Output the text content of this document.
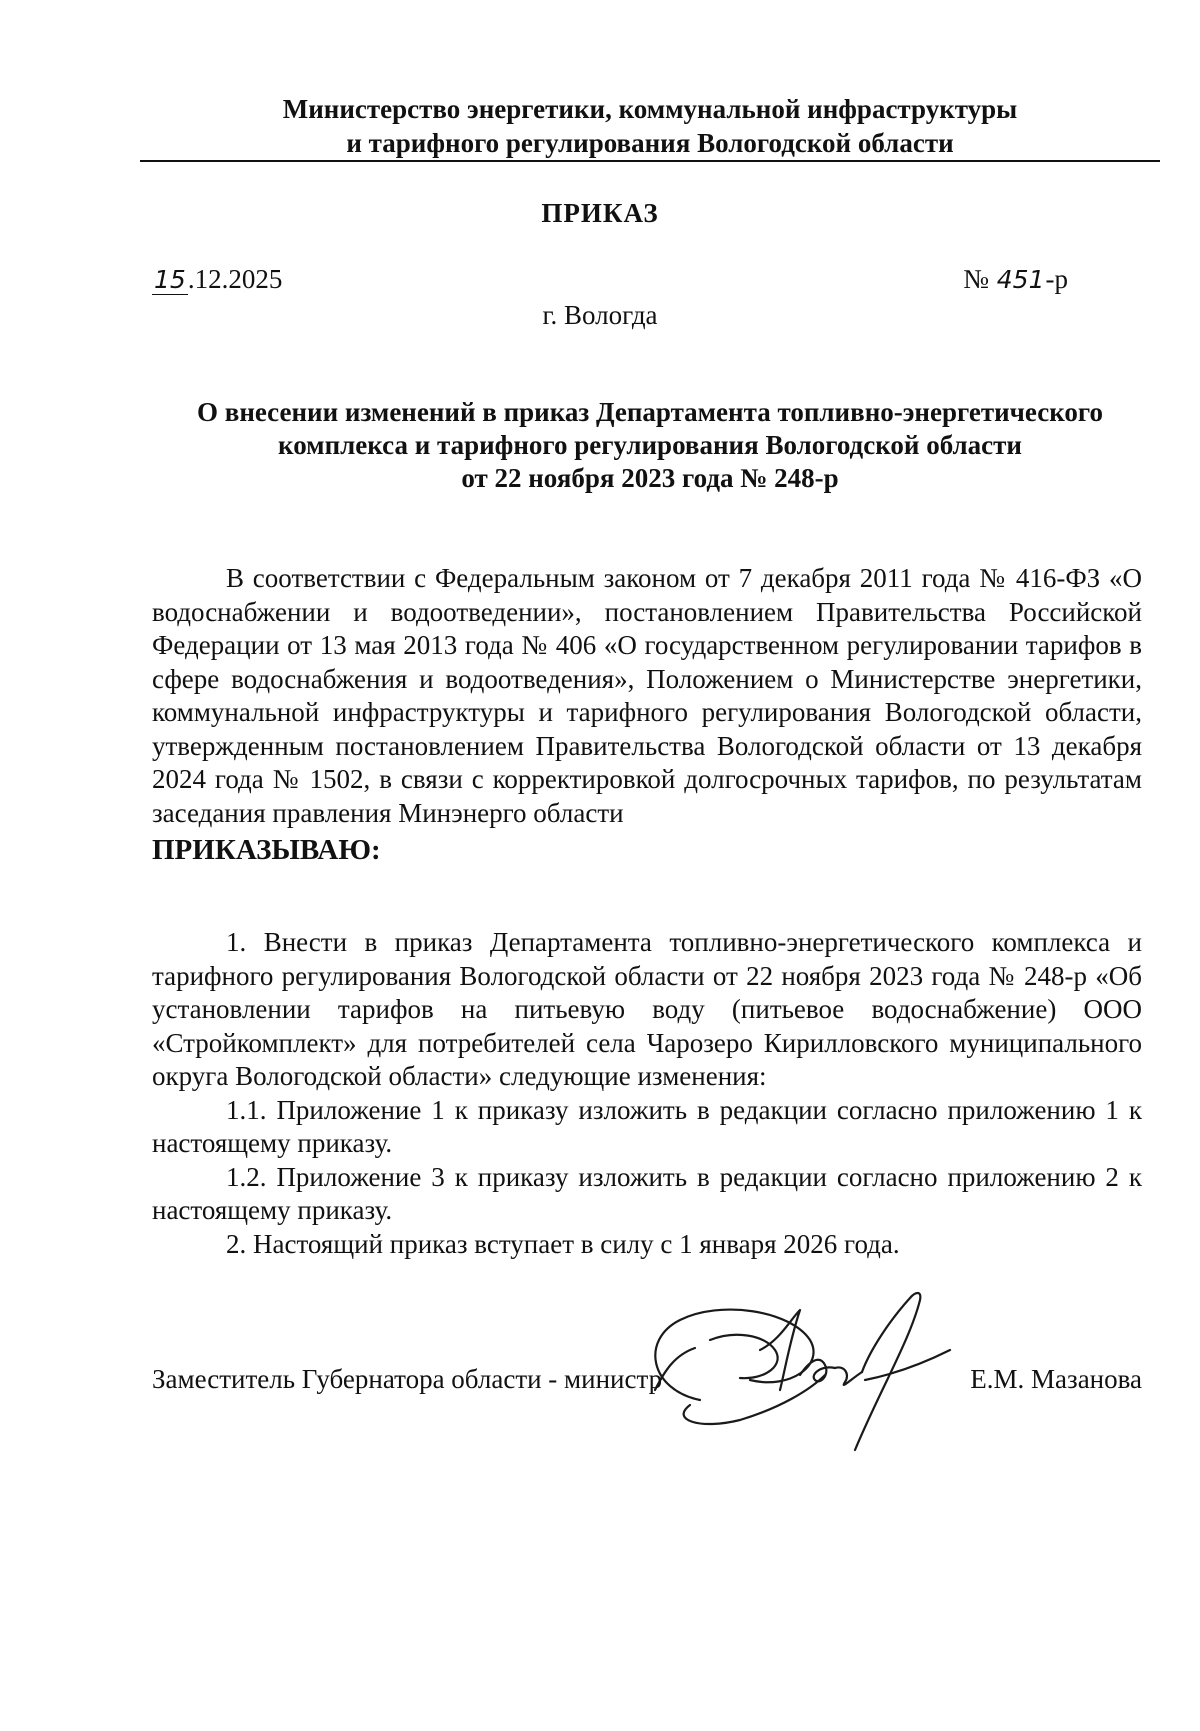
Министерство энергетики, коммунальной инфраструктуры
и тарифного регулирования Вологодской области
ПРИКАЗ
15.12.2025	№ 451-р
г. Вологда
О внесении изменений в приказ Департамента топливно-энергетического
комплекса и тарифного регулирования Вологодской области
от 22 ноября 2023 года № 248-р

В соответствии с Федеральным законом от 7 декабря 2011 года № 416-ФЗ «О водоснабжении и водоотведении», постановлением Правительства Российской Федерации от 13 мая 2013 года № 406 «О государственном регулировании тарифов в сфере водоснабжения и водоотведения», Положением о Министерстве энергетики, коммунальной инфраструктуры и тарифного регулирования Вологодской области, утвержденным постановлением Правительства Вологодской области от 13 декабря 2024 года № 1502, в связи с корректировкой долгосрочных тарифов, по результатам заседания правления Минэнерго области

ПРИКАЗЫВАЮ:

1. Внести в приказ Департамента топливно-энергетического комплекса и тарифного регулирования Вологодской области от 22 ноября 2023 года № 248-р «Об установлении тарифов на питьевую воду (питьевое водоснабжение) ООО «Стройкомплект» для потребителей села Чарозеро Кирилловского муниципального округа Вологодской области» следующие изменения:

1.1. Приложение 1 к приказу изложить в редакции согласно приложению 1 к настоящему приказу.

1.2. Приложение 3 к приказу изложить в редакции согласно приложению 2 к настоящему приказу.

2. Настоящий приказ вступает в силу с 1 января 2026 года.

Заместитель Губернатора области - министр	Е.М. Мазанова
